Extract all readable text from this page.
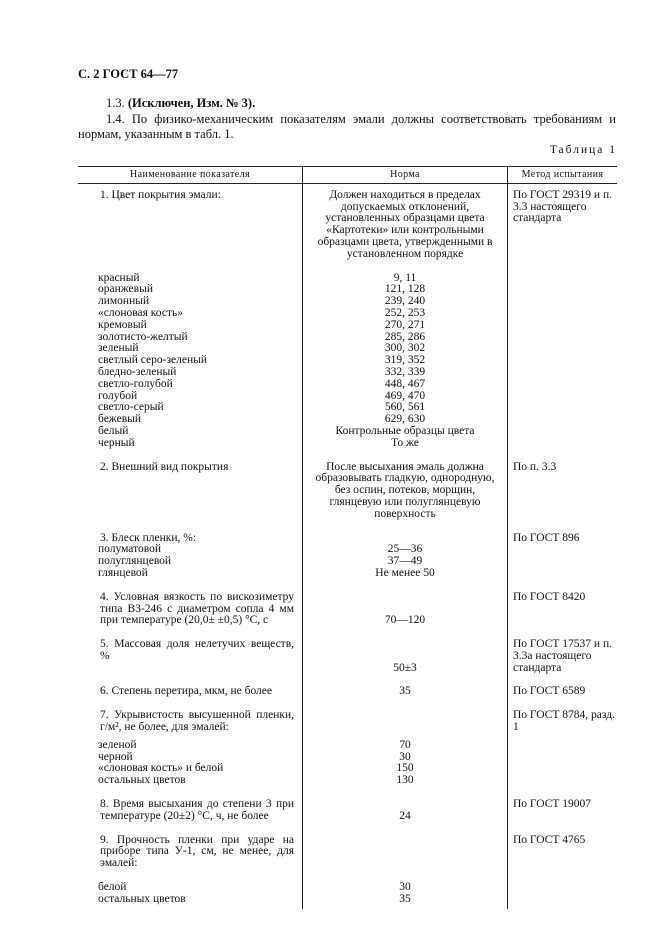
С. 2 ГОСТ 64—77
1.3. (Исключен, Изм. № 3).
1.4. По физико-механическим показателям эмали должны соответствовать требованиям и нормам, указанным в табл. 1.
Таблица 1
Наименование показателя	Норма	Метод испытания

1. Цвет покрытия эмали:	Должен находиться в пределах допускаемых отклонений, установленных образцами цвета «Картотеки» или контрольными образцами цвета, утвержденными в установленном порядке	По ГОСТ 29319 и п. 3.3 настоящего стандарта

красный	9, 11	
оранжевый	121, 128	
лимонный	239, 240	
«слоновая кость»	252, 253	
кремовый	270, 271	
золотисто-желтый	285, 286	
зеленый	300, 302	
светлый серо-зеленый	319, 352	
бледно-зеленый	332, 339	
светло-голубой	448, 467	
голубой	469, 470	
светло-серый	560, 561	
бежевый	629, 630	
белый	Контрольные образцы цвета	
черный	То же	

2. Внешний вид покрытия	После высыхания эмаль должна образовывать гладкую, однородную, без оспин, потеков, морщин, глянцевую или полуглянцевую поверхность	По п. 3.3

3. Блеск пленки, %:		По ГОСТ 896
полуматовой	25—36	
полуглянцевой	37—49	
глянцевой	Не менее 50	

4. Условная вязкость по вискозиметру типа ВЗ-246 с диаметром сопла 4 мм при температуре (20,0± ±0,5) °С, с	70—120	По ГОСТ 8420

5. Массовая доля нелетучих веществ, %	50±3	По ГОСТ 17537 и п. 3.3а настоящего стандарта

6. Степень перетира, мкм, не более	35	По ГОСТ 6589

7. Укрывистость высушенной пленки, г/м², не более, для эмалей:		По ГОСТ 8784, разд. 1

зеленой	70	
черной	30	
«слоновая кость» и белой	150	
остальных цветов	130	

8. Время высыхания до степени 3 при температуре (20±2) °С, ч, не более	24	По ГОСТ 19007

9. Прочность пленки при ударе на приборе типа У-1, см, не менее, для эмалей:		По ГОСТ 4765

белой	30	
остальных цветов	35	
